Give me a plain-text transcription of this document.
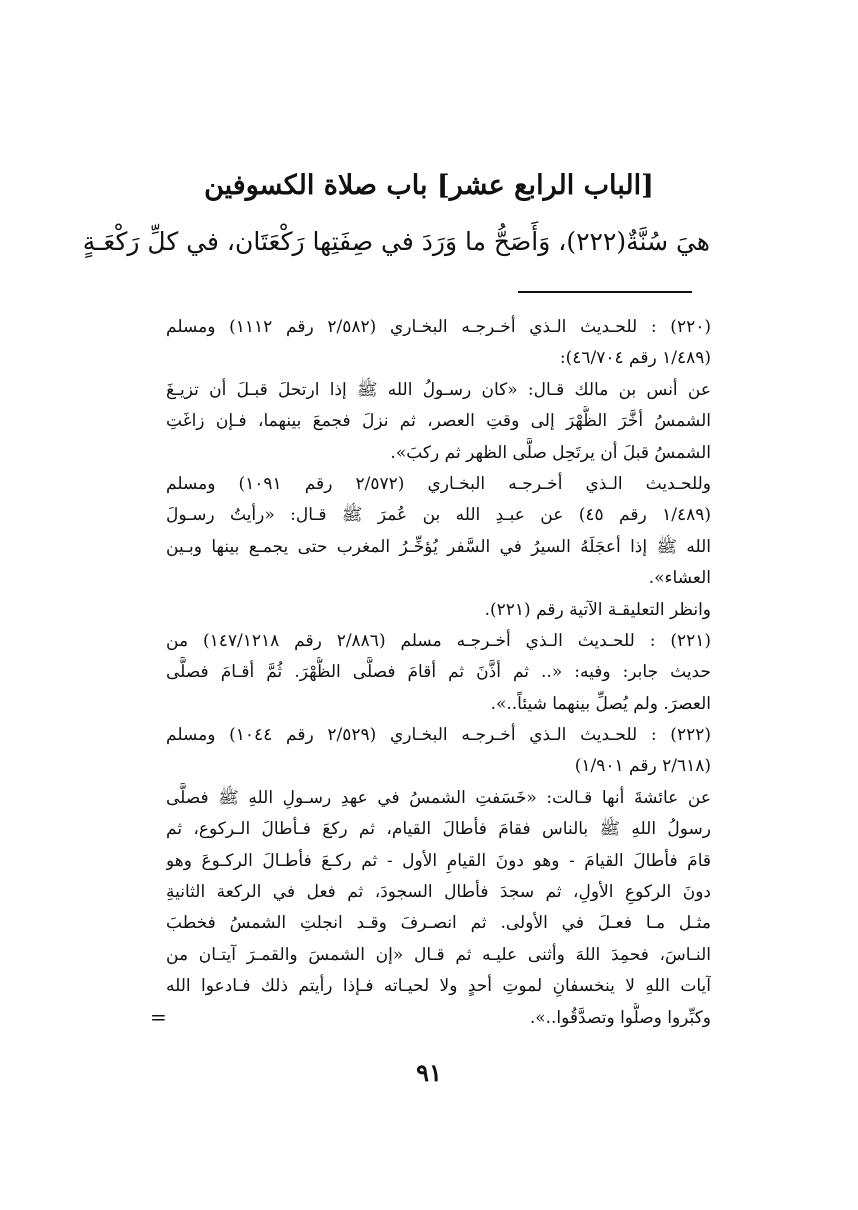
[الباب الرابع عشر] باب صلاة الكسوفين
هيَ سُنَّةٌ(٢٢٢)، وَأَصَحُّ ما وَرَدَ في صِفَتِها رَكْعَتَان، في كلِّ رَكْعَـةٍ
(٢٢٠) : للحـديث الـذي أخـرجـه البخـاري (٢/٥٨٢ رقم ١١١٢) ومسلم
(١/٤٨٩ رقم ٤٦/٧٠٤):
عن أنس بن مالك قـال: «كان رسـولُ الله ﷺ إذا ارتحلَ قبـلَ أن تزيـغَ
الشمسُ أخَّرَ الظُّهْرَ إلى وقتِ العصر، ثم نزلَ فجمعَ بينهما، فـإن زاغَتِ
الشمسُ قبلَ أن يرتَحِل صلَّى الظهر ثم ركبَ».
وللحـديث الـذي أخـرجـه البخـاري (٢/٥٧٢ رقم ١٠٩١) ومسلم
(١/٤٨٩ رقم ٤٥) عن عبـدِ الله بن عُمرَ ﷺ قـال: «رأيتُ رسـولَ
الله ﷺ إذا أعجَلَهُ السيرُ في السَّفر يُؤخِّـرُ المغرب حتى يجمـع بينها وبـين
العشاء».
وانظر التعليقـة الآتية رقم (٢٢١).
(٢٢١) : للحـديث الـذي أخـرجـه مسلم (٢/٨٨٦ رقم ١٤٧/١٢١٨) من
حديث جابر: وفيه: «.. ثم أذَّنَ ثم أقامَ فصلَّى الظُّهْرَ. ثُمَّ أقـامَ فصلَّى
العصرَ. ولم يُصلِّ بينهما شيئاً..».
(٢٢٢) : للحـديث الـذي أخـرجـه البخـاري (٢/٥٢٩ رقم ١٠٤٤) ومسلم
(٢/٦١٨ رقم ١/٩٠١)
عن عائشةَ أنها قـالت: «خَسَفتِ الشمسُ في عهدِ رسـولِ اللهِ ﷺ فصلَّى
رسولُ اللهِ ﷺ بالناس فقامَ فأطالَ القيام، ثم ركعَ فـأطالَ الـركوع، ثم
قامَ فأطالَ القيامَ - وهو دونَ القيامِ الأول - ثم ركـعَ فأطـالَ الركـوعَ وهو
دونَ الركوعِ الأولِ، ثم سجدَ فأطال السجودَ، ثم فعل في الركعة الثانيةِ
مثـل مـا فعـلَ في الأولى. ثم انصـرفَ وقـد انجلتِ الشمسُ فخطبَ
النـاسَ، فحمِدَ اللهَ وأثنى عليـه ثم قـال «إن الشمسَ والقمـرَ آيتـان من
آيات اللهِ لا ينخسفانِ لموتِ أحدٍ ولا لحيـاته فـإذا رأيتم ذلك فـادعوا الله
وكبِّروا وصلُّوا وتصدَّقُوا..».
=
٩١
